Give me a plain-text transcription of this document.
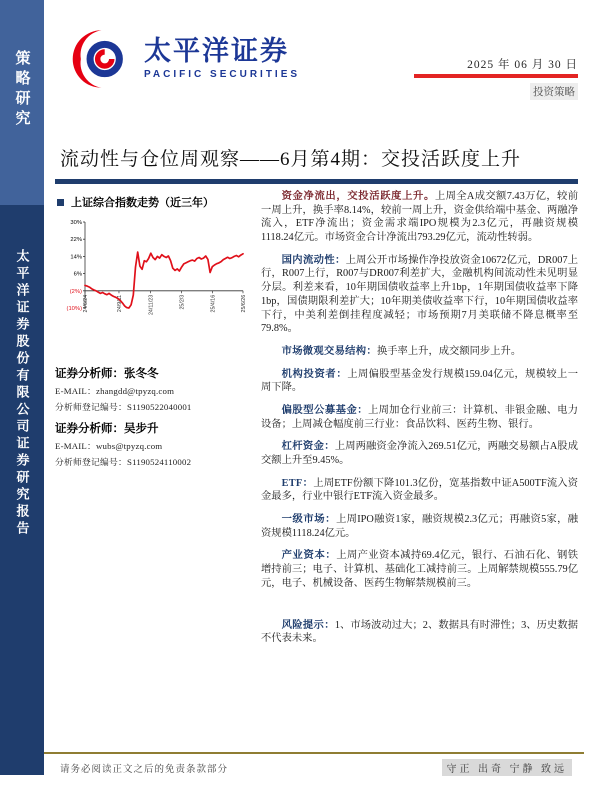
策略研究
太平洋证券股份有限公司证券研究报告
太平洋证券
PACIFIC SECURITIES
2025 年 06 月 30 日
投资策略
流动性与仓位周观察——6月第4期：交投活跃度上升
上证综合指数走势（近三年）
30%
22%
14%
6%
(2%)
(10%) 24/6/24	24/9/11	24/11/23	25/2/3	25/4/16	25/6/26
证券分析师：张冬冬
E-MAIL：zhangdd@tpyzq.com
分析师登记编号：S1190522040001
证券分析师：吴步升
E-MAIL：wubs@tpyzq.com
分析师登记编号：S1190524110002

资金净流出，交投活跃度上升。上周全A成交额7.43万亿，较前一周上升，换手率8.14%，较前一周上升，资金供给端中基金、两融净流入，ETF净流出；资金需求端IPO规模为2.3亿元，再融资规模1118.24亿元。市场资金合计净流出793.29亿元，流动性转弱。

国内流动性：上周公开市场操作净投放资金10672亿元，DR007上行，R007上行，R007与DR007利差扩大，金融机构间流动性未见明显分层。利差来看，10年期国债收益率上升1bp，1年期国债收益率下降1bp，国债期限利差扩大；10年期美债收益率下行，10年期国债收益率下行，中美利差倒挂程度减轻；市场预期7月美联储不降息概率至79.8%。

市场微观交易结构：换手率上升，成交额同步上升。

机构投资者：上周偏股型基金发行规模159.04亿元，规模较上一周下降。

偏股型公募基金：上周加仓行业前三：计算机、非银金融、电力设备；上周减仓幅度前三行业：食品饮料、医药生物、银行。

杠杆资金：上周两融资金净流入269.51亿元，两融交易额占A股成交额上升至9.45%。

ETF：上周ETF份额下降101.3亿份，宽基指数中证A500TF流入资金最多，行业中银行ETF流入资金最多。

一级市场：上周IPO融资1家，融资规模2.3亿元；再融资5家，融资规模1118.24亿元。

产业资本：上周产业资本减持69.4亿元，银行、石油石化、钢铁增持前三；电子、计算机、基础化工减持前三。上周解禁规模555.79亿元，电子、机械设备、医药生物解禁规模前三。

风险提示：1、市场波动过大；2、数据具有时滞性；3、历史数据不代表未来。

请务必阅读正文之后的免责条款部分	守正 出奇 宁静 致远
